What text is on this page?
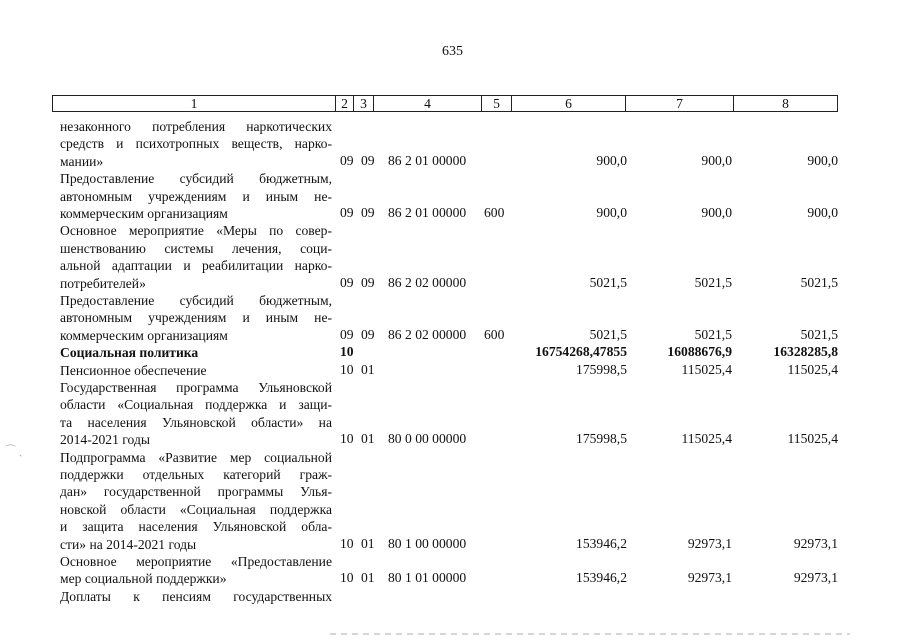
635
1	2 3	4	5	6	7	8
незаконного потребления наркотических
средств и психотропных веществ, нарко-
мании»	09 09 86 2 01 00000	900,0	900,0	900,0
Предоставление субсидий бюджетным,
автономным учреждениям и иным не-
коммерческим организациям	09 09 86 2 01 00000	600	900,0	900,0	900,0
Основное мероприятие «Меры по совер-
шенствованию системы лечения, соци-
альной адаптации и реабилитации нарко-
потребителей»	09 09 86 2 02 00000	5021,5	5021,5	5021,5
Предоставление субсидий бюджетным,
автономным учреждениям и иным не-
коммерческим организациям	09 09 86 2 02 00000	600	5021,5	5021,5	5021,5
Социальная политика	10	16754268,47855	16088676,9	16328285,8
Пенсионное обеспечение	10 01	175998,5	115025,4	115025,4
Государственная программа Ульяновской
области «Социальная поддержка и защи-
та населения Ульяновской области» на
2014-2021 годы	10 01 80 0 00 00000	175998,5	115025,4	115025,4
Подпрограмма «Развитие мер социальной
поддержки отдельных категорий граж-
дан» государственной программы Улья-
новской области «Социальная поддержка
и защита населения Ульяновской обла-
сти» на 2014-2021 годы	10 01 80 1 00 00000	153946,2	92973,1	92973,1
Основное мероприятие «Предоставление
мер социальной поддержки»	10 01 80 1 01 00000	153946,2	92973,1	92973,1
Доплаты к пенсиям государственных
⌒ ˎ
